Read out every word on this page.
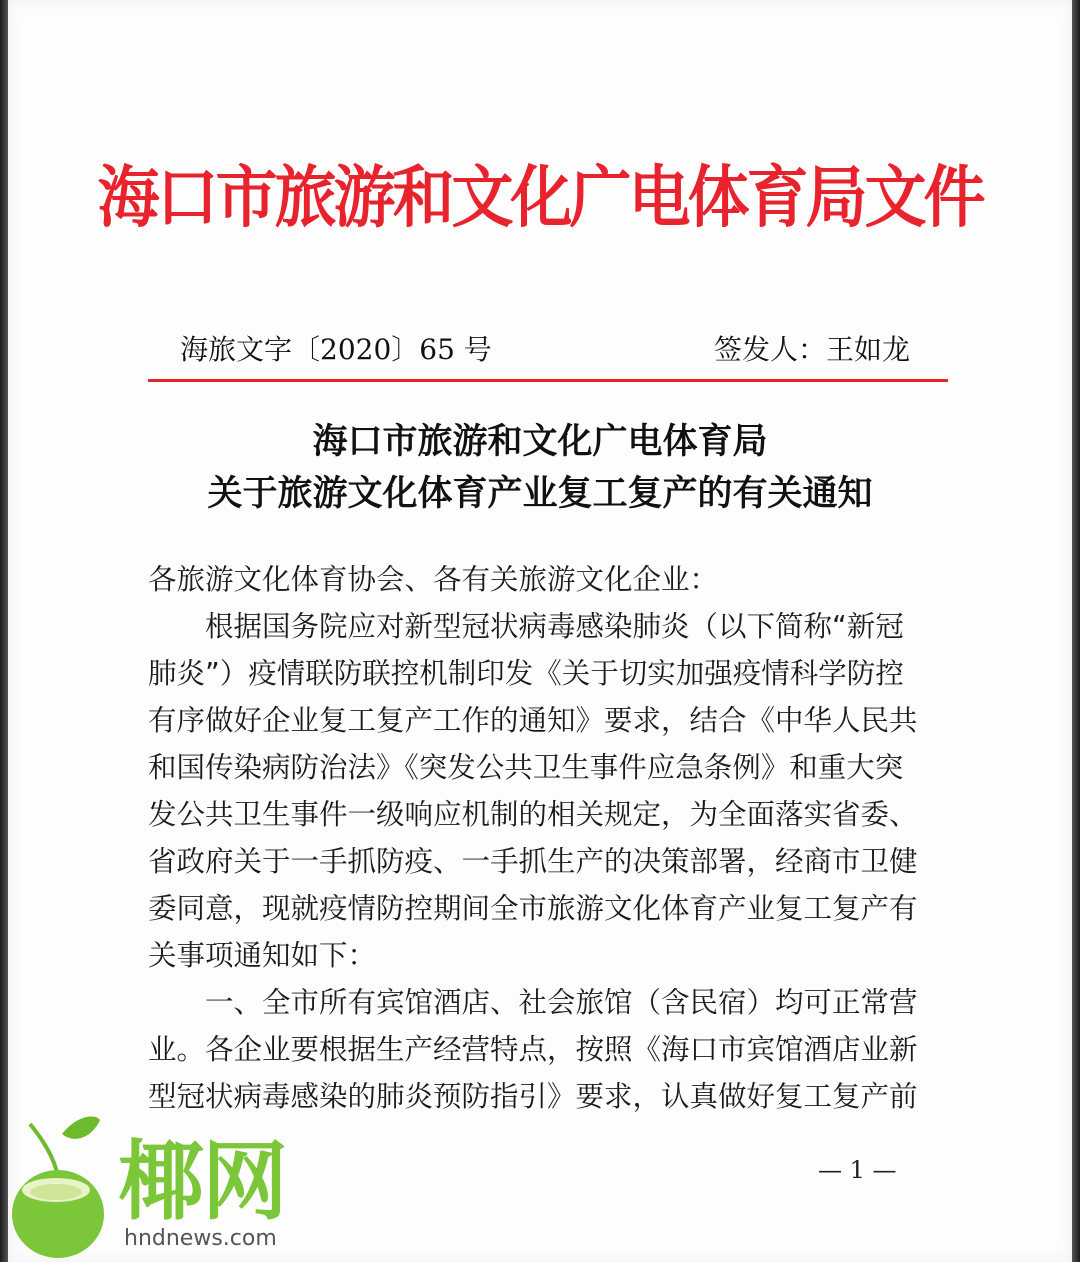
海口市旅游和文化广电体育局文件
海旅文字〔2020〕65 号	签发人：王如龙
海口市旅游和文化广电体育局
关于旅游文化体育产业复工复产的有关通知
各旅游文化体育协会、各有关旅游文化企业：
　　根据国务院应对新型冠状病毒感染肺炎（以下简称“新冠
肺炎”）疫情联防联控机制印发《关于切实加强疫情科学防控
有序做好企业复工复产工作的通知》要求，结合《中华人民共
和国传染病防治法》《突发公共卫生事件应急条例》和重大突
发公共卫生事件一级响应机制的相关规定，为全面落实省委、
省政府关于一手抓防疫、一手抓生产的决策部署，经商市卫健
委同意，现就疫情防控期间全市旅游文化体育产业复工复产有
关事项通知如下：
　　一、全市所有宾馆酒店、社会旅馆（含民宿）均可正常营
业。各企业要根据生产经营特点，按照《海口市宾馆酒店业新
型冠状病毒感染的肺炎预防指引》要求，认真做好复工复产前
— 1 —
椰网
hndnews.com
